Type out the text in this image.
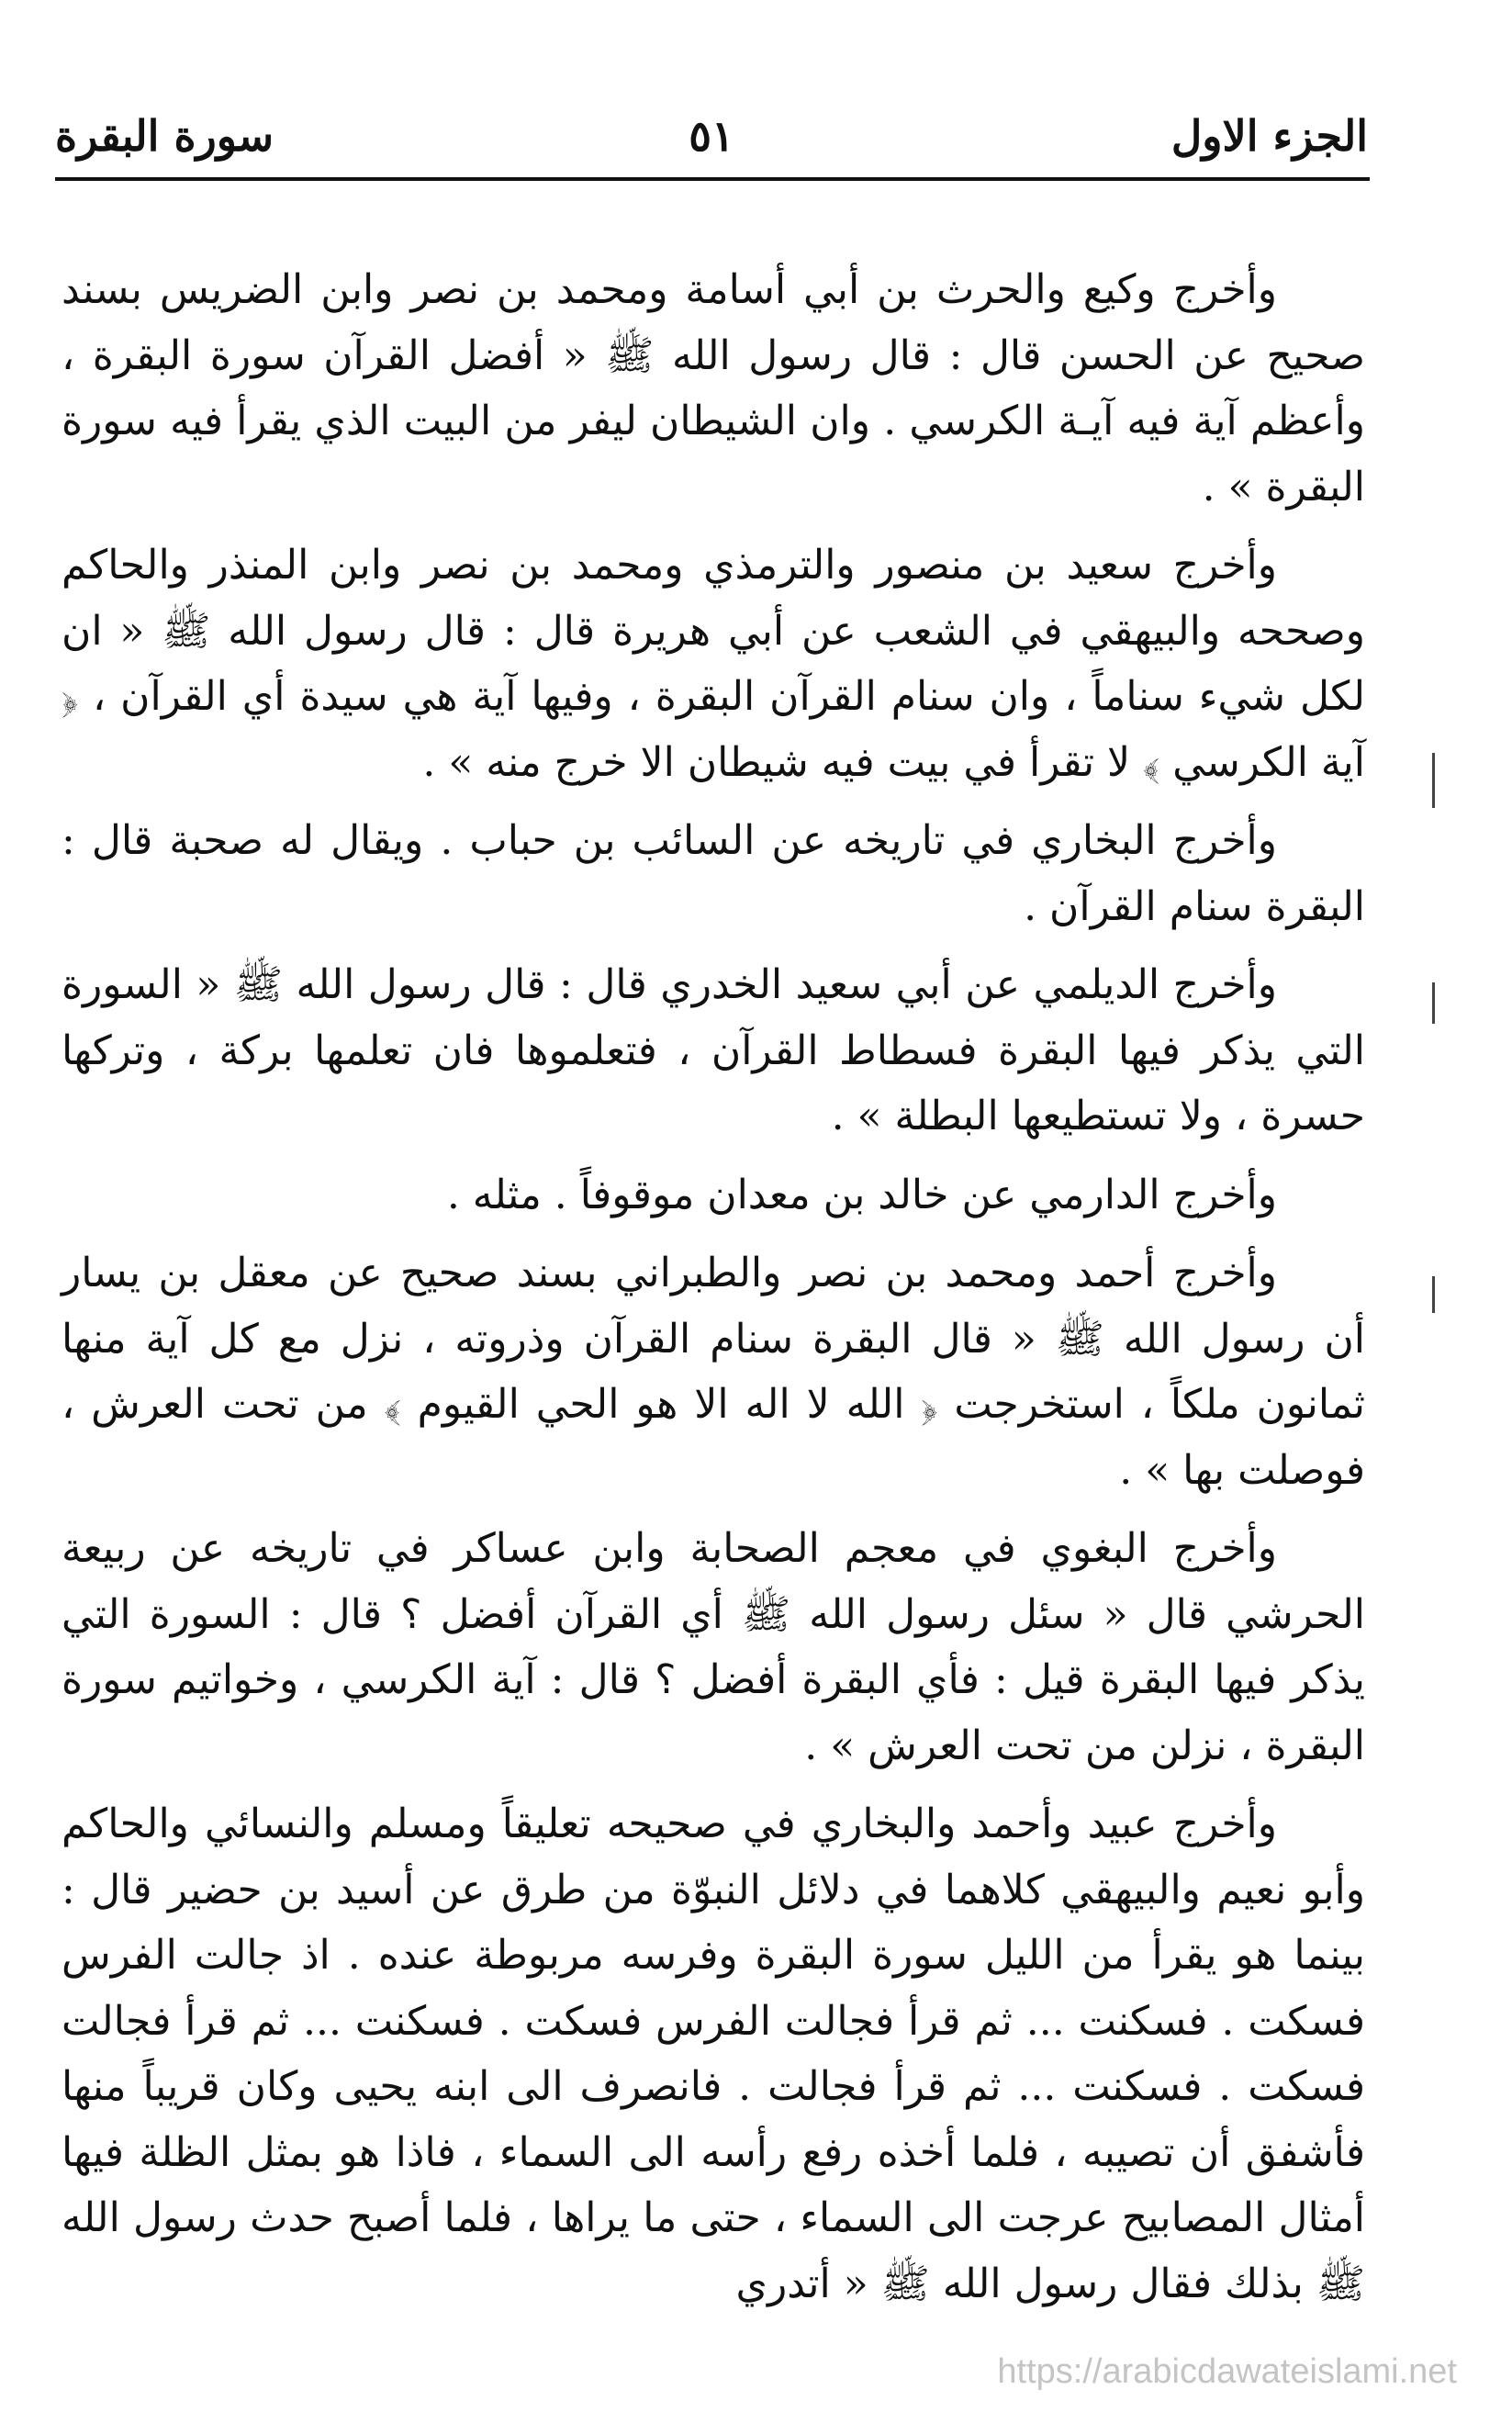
الجزء الاول
٥١
سورة البقرة

وأخرج وكيع والحرث بن أبي أسامة ومحمد بن نصر وابن الضريس بسند صحيح عن الحسن قال : قال رسول الله ﷺ « أفضل القرآن سورة البقرة ، وأعظم آية فيه آيـة الكرسي . وان الشيطان ليفر من البيت الذي يقرأ فيه سورة البقرة » .

وأخرج سعيد بن منصور والترمذي ومحمد بن نصر وابن المنذر والحاكم وصححه والبيهقي في الشعب عن أبي هريرة قال : قال رسول الله ﷺ « ان لكل شيء سناماً ، وان سنام القرآن البقرة ، وفيها آية هي سيدة أي القرآن ، ﴿ آية الكرسي ﴾ لا تقرأ في بيت فيه شيطان الا خرج منه » .

وأخرج البخاري في تاريخه عن السائب بن حباب . ويقال له صحبة قال : البقرة سنام القرآن .

وأخرج الديلمي عن أبي سعيد الخدري قال : قال رسول الله ﷺ « السورة التي يذكر فيها البقرة فسطاط القرآن ، فتعلموها فان تعلمها بركة ، وتركها حسرة ، ولا تستطيعها البطلة » .

وأخرج الدارمي عن خالد بن معدان موقوفاً . مثله .

وأخرج أحمد ومحمد بن نصر والطبراني بسند صحيح عن معقل بن يسار أن رسول الله ﷺ « قال البقرة سنام القرآن وذروته ، نزل مع كل آية منها ثمانون ملكاً ، استخرجت ﴿ الله لا اله الا هو الحي القيوم ﴾ من تحت العرش ، فوصلت بها » .

وأخرج البغوي في معجم الصحابة وابن عساكر في تاريخه عن ربيعة الحرشي قال « سئل رسول الله ﷺ أي القرآن أفضل ؟ قال : السورة التي يذكر فيها البقرة قيل : فأي البقرة أفضل ؟ قال : آية الكرسي ، وخواتيم سورة البقرة ، نزلن من تحت العرش » .

وأخرج عبيد وأحمد والبخاري في صحيحه تعليقاً ومسلم والنسائي والحاكم وأبو نعيم والبيهقي كلاهما في دلائل النبوّة من طرق عن أسيد بن حضير قال : بينما هو يقرأ من الليل سورة البقرة وفرسه مربوطة عنده . اذ جالت الفرس فسكت . فسكنت ... ثم قرأ فجالت الفرس فسكت . فسكنت ... ثم قرأ فجالت فسكت . فسكنت ... ثم قرأ فجالت . فانصرف الى ابنه يحيى وكان قريباً منها فأشفق أن تصيبه ، فلما أخذه رفع رأسه الى السماء ، فاذا هو بمثل الظلة فيها أمثال المصابيح عرجت الى السماء ، حتى ما يراها ، فلما أصبح حدث رسول الله ﷺ بذلك فقال رسول الله ﷺ « أتدري

https://arabicdawateislami.net
